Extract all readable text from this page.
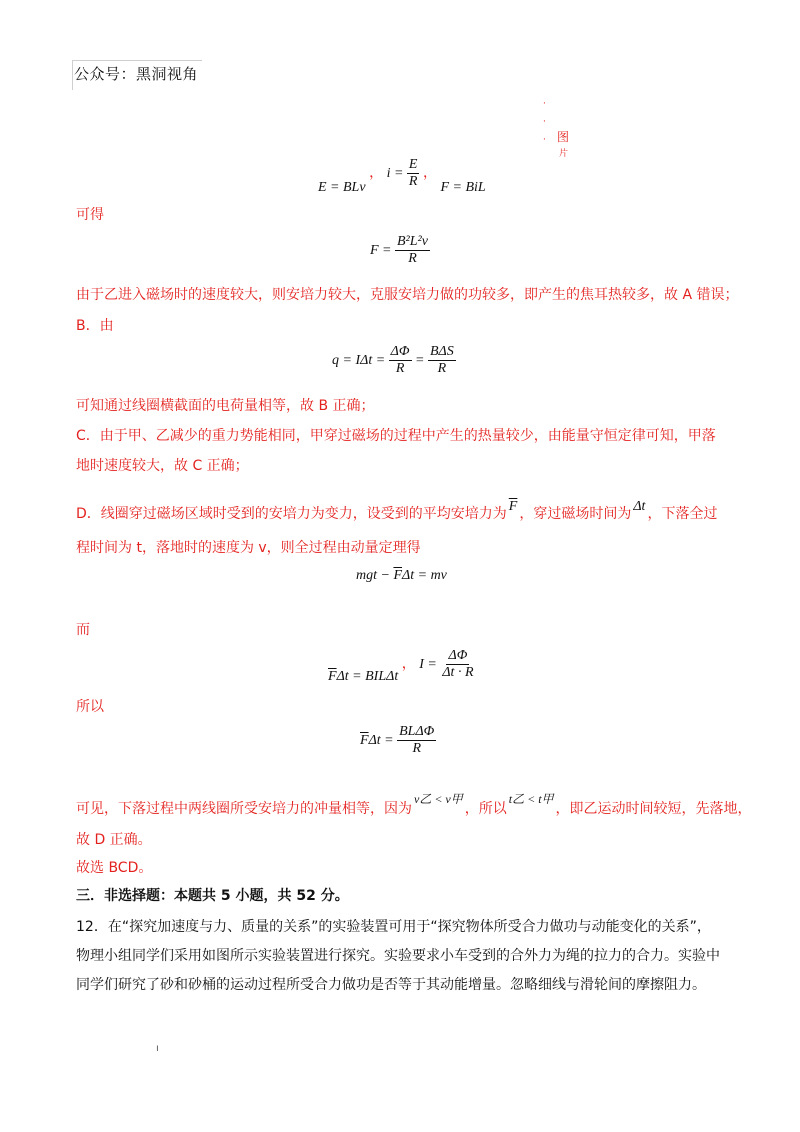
公众号：黑洞视角
·
·
· 图
片
E = BLv ， $i = \frac{E}{R}$ ， F = BiL
可得
$F = \frac{\text{B²L²v}}{R}$
由于乙进入磁场时的速度较大，则安培力较大，克服安培力做的功较多，即产生的焦耳热较多，故 A 错误；
B．由
$q = I\Delta t = \frac{\Delta\Phi}{R} = \frac{\text{BΔS}}{R}$
可知通过线圈横截面的电荷量相等，故 B 正确；
C．由于甲、乙减少的重力势能相同，甲穿过磁场的过程中产生的热量较少，由能量守恒定律可知，甲落
地时速度较大，故 C 正确；
D．线圈穿过磁场区域时受到的安培力为变力，设受到的平均安培力为 $\overline{F}$ ，穿过磁场时间为 Δt ，下落全过
程时间为 t，落地时的速度为 v，则全过程由动量定理得
mgt − $\overline{F}\Delta t$ = mv
而
$\overline{F}\Delta t = BIL\Delta t$ ， $I = \frac{\Delta\Phi}{\Delta t \cdot R}$
所以
$\overline{F}\Delta t = \frac{\text{BLΔΦ}}{R}$
可见，下落过程中两线圈所受安培力的冲量相等，因为v乙 < v甲，所以t乙 < t甲，即乙运动时间较短，先落地，
故 D 正确。
故选 BCD。
三．非选择题：本题共 5 小题，共 52 分。
12．在“探究加速度与力、质量的关系”的实验装置可用于“探究物体所受合力做功与动能变化的关系”，
物理小组同学们采用如图所示实验装置进行探究。实验要求小车受到的合外力为绳的拉力的合力。实验中
同学们研究了砂和砂桶的运动过程所受合力做功是否等于其动能增量。忽略细线与滑轮间的摩擦阻力。
ı
